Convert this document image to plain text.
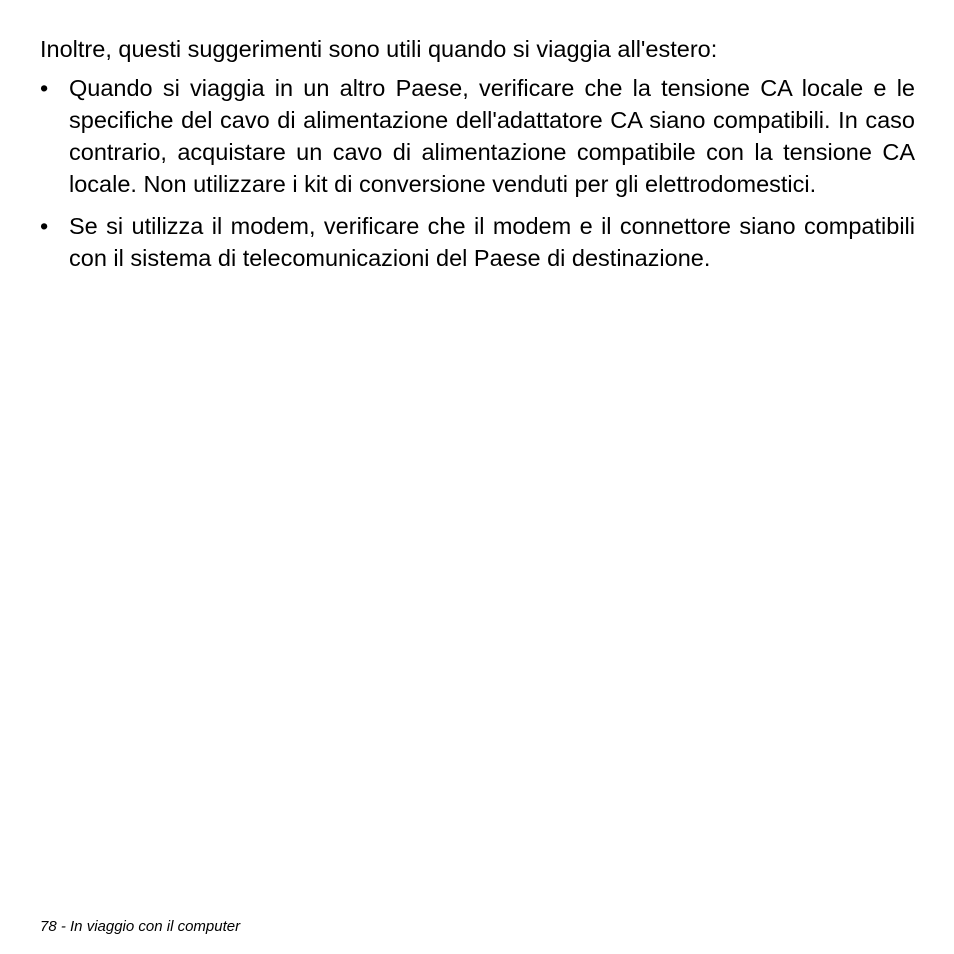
Inoltre, questi suggerimenti sono utili quando si viaggia all'estero:

• Quando si viaggia in un altro Paese, verificare che la tensione CA locale e le specifiche del cavo di alimentazione dell'adattatore CA siano compatibili. In caso contrario, acquistare un cavo di alimentazione compatibile con la tensione CA locale. Non utilizzare i kit di conversione venduti per gli elettrodomestici.
• Se si utilizza il modem, verificare che il modem e il connettore siano compatibili con il sistema di telecomunicazioni del Paese di destinazione.
78 - In viaggio con il computer
